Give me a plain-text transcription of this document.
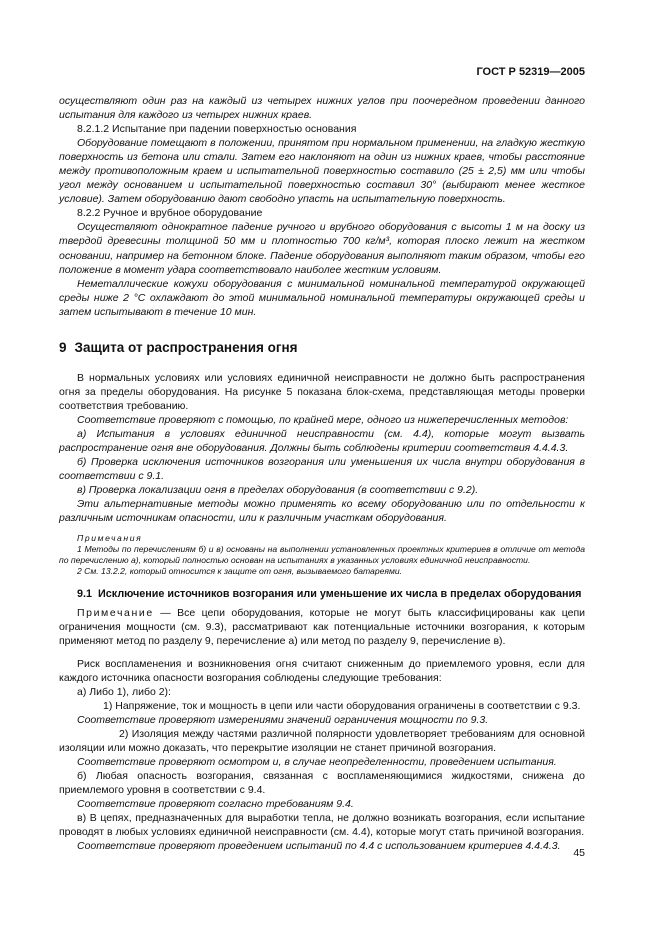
ГОСТ Р 52319—2005

осуществляют один раз на каждый из четырех нижних углов при поочередном проведении данного испытания для каждого из четырех нижних краев.

8.2.1.2 Испытание при падении поверхностью основания

Оборудование помещают в положении, принятом при нормальном применении, на гладкую жесткую поверхность из бетона или стали. Затем его наклоняют на один из нижних краев, чтобы расстояние между противоположным краем и испытательной поверхностью составило (25 ± 2,5) мм или чтобы угол между основанием и испытательной поверхностью составил 30° (выбирают менее жесткое условие). Затем оборудованию дают свободно упасть на испытательную поверхность.

8.2.2 Ручное и врубное оборудование

Осуществляют однократное падение ручного и врубного оборудования с высоты 1 м на доску из твердой древесины толщиной 50 мм и плотностью 700 кг/м³, которая плоско лежит на жестком основании, например на бетонном блоке. Падение оборудования выполняют таким образом, чтобы его положение в момент удара соответствовало наиболее жестким условиям.

Неметаллические кожухи оборудования с минимальной номинальной температурой окружающей среды ниже 2 °С охлаждают до этой минимальной номинальной температуры окружающей среды и затем испытывают в течение 10 мин.

9 Защита от распространения огня

В нормальных условиях или условиях единичной неисправности не должно быть распространения огня за пределы оборудования. На рисунке 5 показана блок-схема, представляющая методы проверки соответствия требованию.

Соответствие проверяют с помощью, по крайней мере, одного из нижеперечисленных методов:

а) Испытания в условиях единичной неисправности (см. 4.4), которые могут вызвать распространение огня вне оборудования. Должны быть соблюдены критерии соответствия 4.4.4.3.

б) Проверка исключения источников возгорания или уменьшения их числа внутри оборудования в соответствии с 9.1.

в) Проверка локализации огня в пределах оборудования (в соответствии с 9.2).

Эти альтернативные методы можно применять ко всему оборудованию или по отдельности к различным источникам опасности, или к различным участкам оборудования.

Примечания

1 Методы по перечислениям б) и в) основаны на выполнении установленных проектных критериев в отличие от метода по перечислению а), который полностью основан на испытаниях в указанных условиях единичной неисправности.

2 См. 13.2.2, который относится к защите от огня, вызываемого батареями.

9.1 Исключение источников возгорания или уменьшение их числа в пределах оборудования

Примечание — Все цепи оборудования, которые не могут быть классифицированы как цепи ограничения мощности (см. 9.3), рассматривают как потенциальные источники возгорания, к которым применяют метод по разделу 9, перечисление а) или метод по разделу 9, перечисление в).

Риск воспламенения и возникновения огня считают сниженным до приемлемого уровня, если для каждого источника опасности возгорания соблюдены следующие требования:

а) Либо 1), либо 2):

1) Напряжение, ток и мощность в цепи или части оборудования ограничены в соответствии с 9.3.

Соответствие проверяют измерениями значений ограничения мощности по 9.3.

2) Изоляция между частями различной полярности удовлетворяет требованиям для основной изоляции или можно доказать, что перекрытие изоляции не станет причиной возгорания.

Соответствие проверяют осмотром и, в случае неопределенности, проведением испытания.

б) Любая опасность возгорания, связанная с воспламеняющимися жидкостями, снижена до приемлемого уровня в соответствии с 9.4.

Соответствие проверяют согласно требованиям 9.4.

в) В цепях, предназначенных для выработки тепла, не должно возникать возгорания, если испытание проводят в любых условиях единичной неисправности (см. 4.4), которые могут стать причиной возгорания.

Соответствие проверяют проведением испытаний по 4.4 с использованием критериев 4.4.4.3.

45
